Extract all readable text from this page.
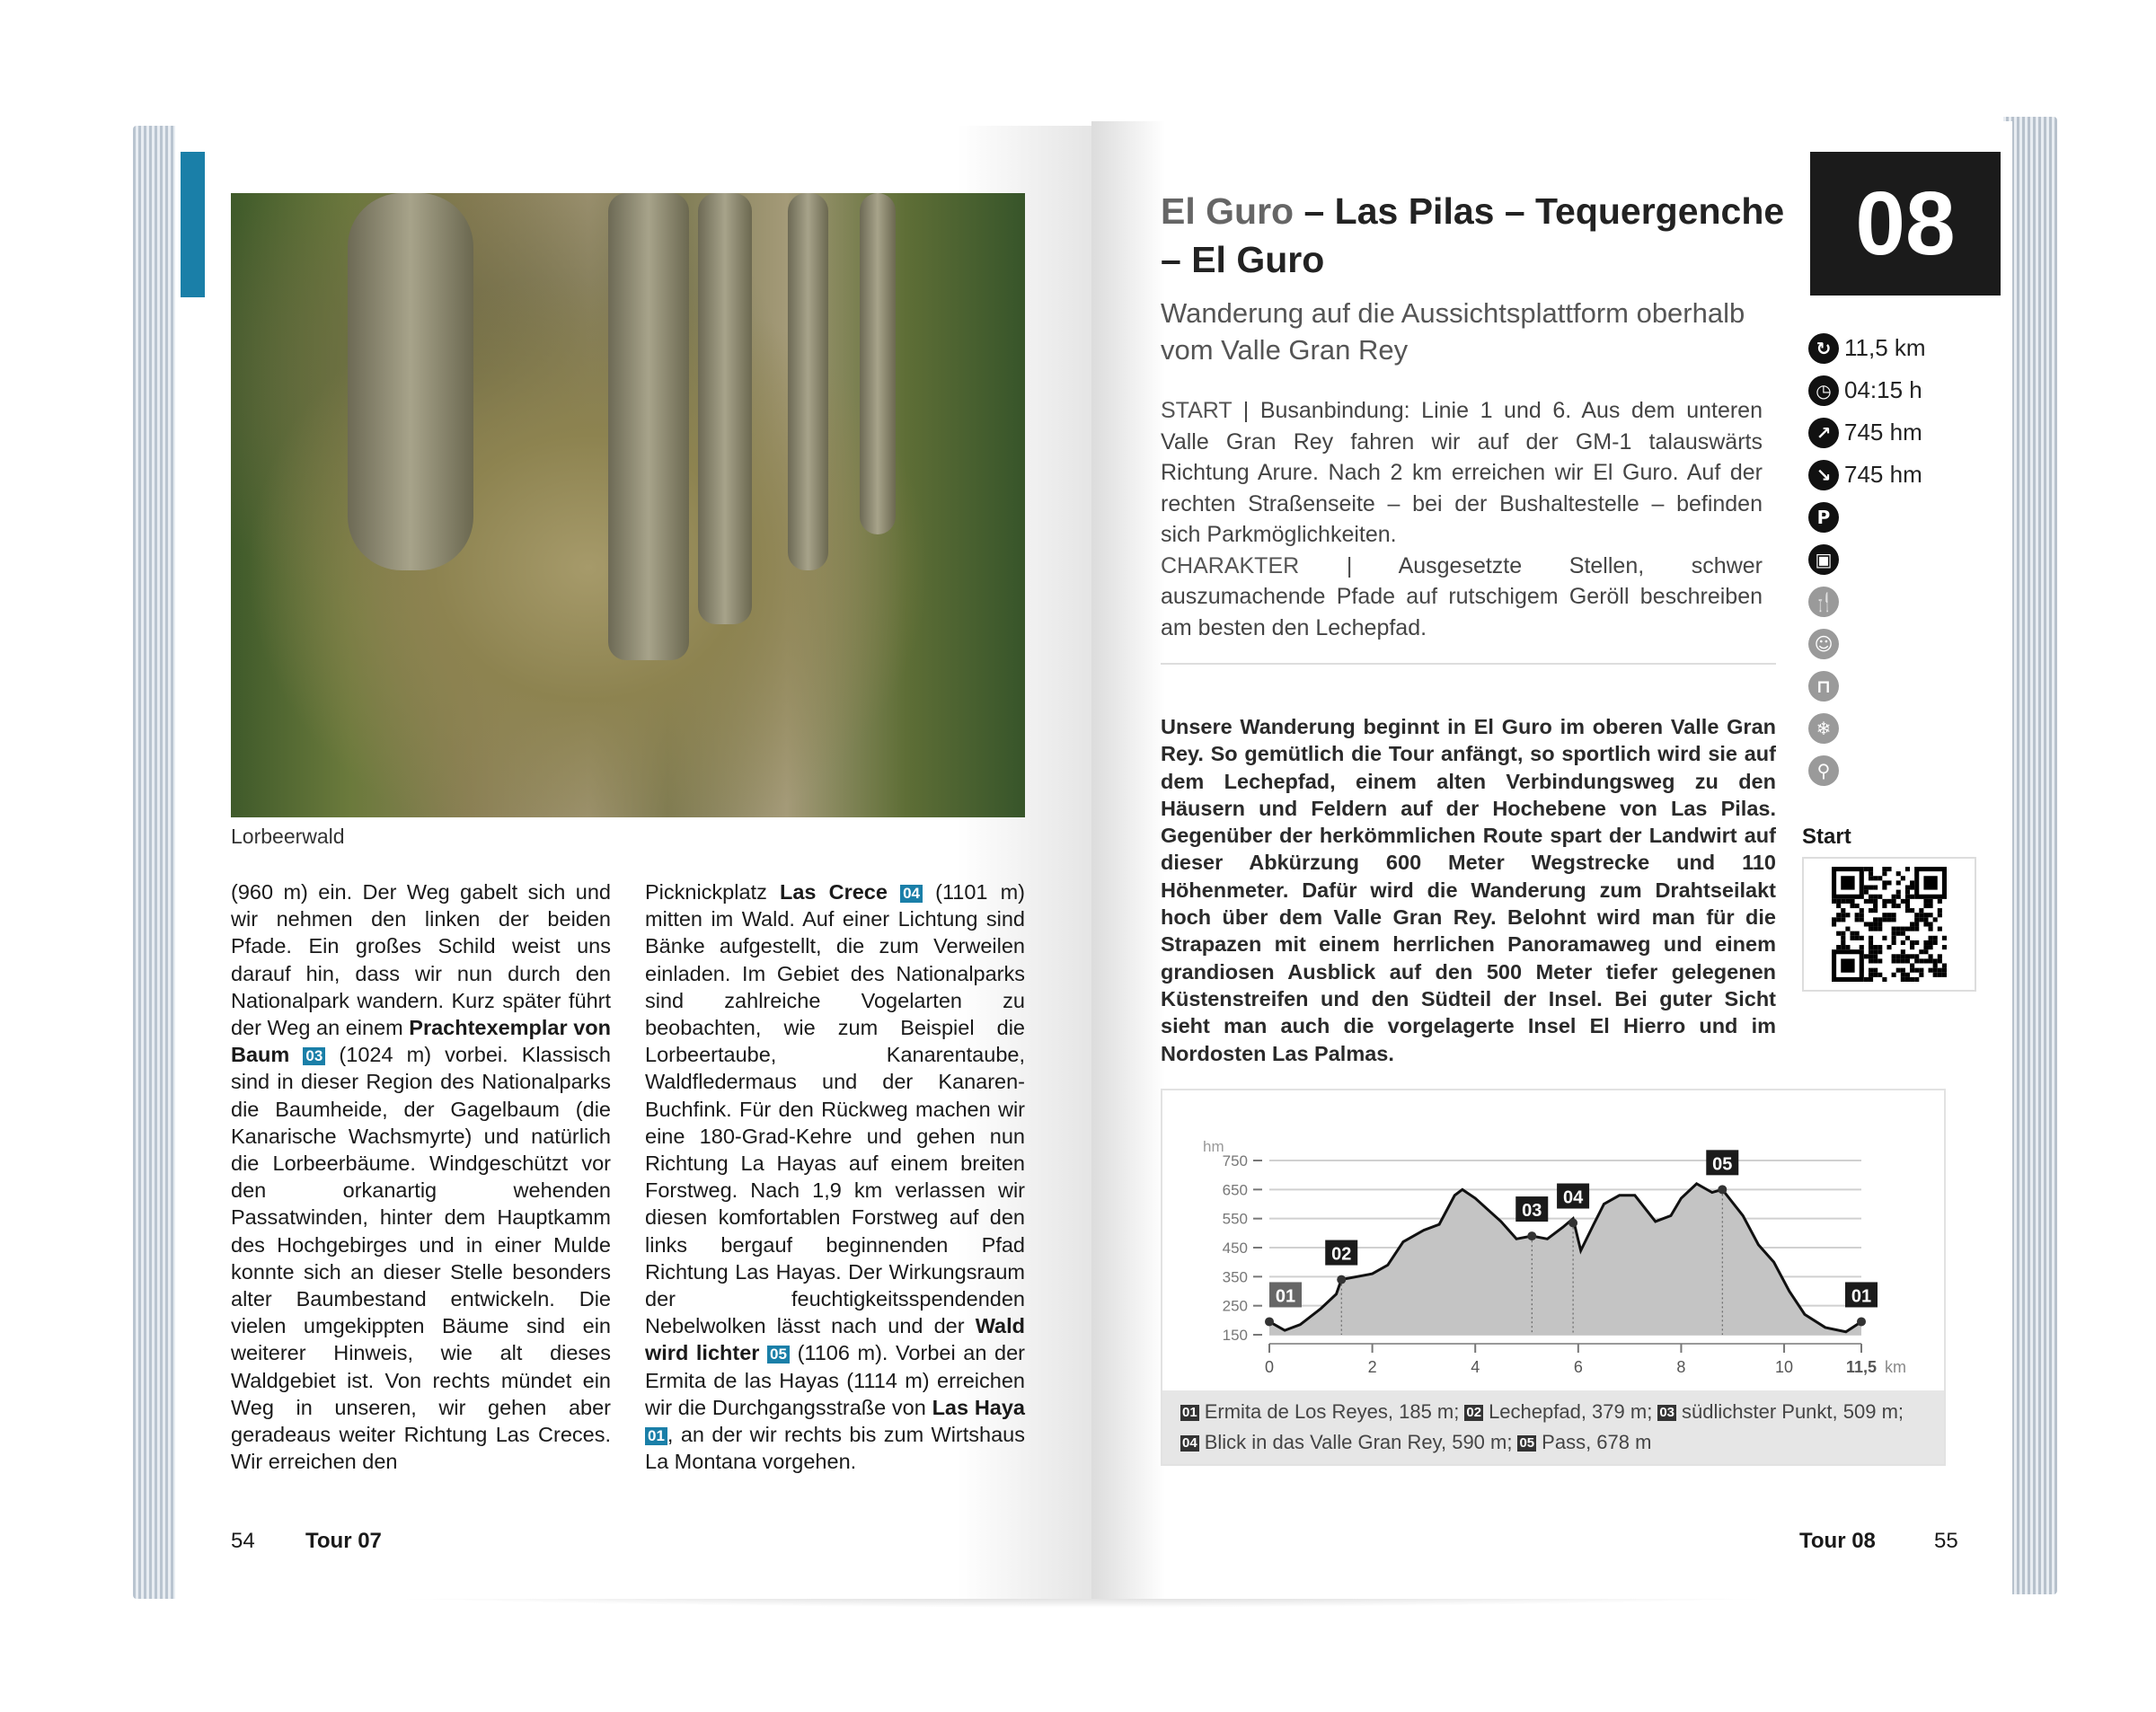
Lorbeerwald
(960 m) ein. Der Weg gabelt sich und wir nehmen den linken der beiden Pfade. Ein großes Schild weist uns darauf hin, dass wir nun durch den Nationalpark wandern. Kurz später führt der Weg an einem Prachtexemplar von Baum 03 (1024 m) vorbei. Klassisch sind in dieser Region des Nationalparks die Baumheide, der Gagelbaum (die Kanarische Wachsmyrte) und natürlich die Lorbeerbäume. Windgeschützt vor den orkanartig wehenden Passatwinden, hinter dem Hauptkamm des Hochgebirges und in einer Mulde konnte sich an dieser Stelle besonders alter Baumbestand entwickeln. Die vielen umgekippten Bäume sind ein weiterer Hinweis, wie alt dieses Waldgebiet ist. Von rechts mündet ein Weg in unseren, wir gehen aber geradeaus weiter Richtung Las Creces. Wir erreichen den
Picknickplatz Las Crece 04 (1101 m) mitten im Wald. Auf einer Lichtung sind Bänke aufgestellt, die zum Verweilen einladen. Im Gebiet des Nationalparks sind zahlreiche Vogelarten zu beobachten, wie zum Beispiel die Lorbeertaube, Kanarentaube, Waldfledermaus und der Kanaren-Buchfink. Für den Rückweg machen wir eine 180-Grad-Kehre und gehen nun Richtung La Hayas auf einem breiten Forstweg. Nach 1,9 km verlassen wir diesen komfortablen Forstweg auf den links bergauf beginnenden Pfad Richtung Las Hayas. Der Wirkungsraum der feuchtigkeitsspendenden Nebelwolken lässt nach und der Wald wird lichter 05 (1106 m). Vorbei an der Ermita de las Hayas (1114 m) erreichen wir die Durchgangsstraße von Las Haya 01 , an der wir rechts bis zum Wirtshaus La Montana vorgehen.
54 Tour 07
El Guro – Las Pilas – Tequergenche – El Guro
Wanderung auf die Aussichtsplattform oberhalb vom Valle Gran Rey
08
↻ 11,5 km
◷ 04:15 h
↗ 745 hm
↘ 745 hm
P
▣
🍴
☺
⊓
❄
⚲
START | Busanbindung: Linie 1 und 6. Aus dem unteren Valle Gran Rey fahren wir auf der GM-1 talauswärts Richtung Arure. Nach 2 km erreichen wir El Guro. Auf der rechten Straßenseite – bei der Bushaltestelle – befinden sich Parkmöglichkeiten.
CHARAKTER | Ausgesetzte Stellen, schwer auszumachende Pfade auf rutschigem Geröll beschreiben am besten den Lechepfad.
Unsere Wanderung beginnt in El Guro im oberen Valle Gran Rey. So gemütlich die Tour anfängt, so sportlich wird sie auf dem Lechepfad, einem alten Verbindungsweg zu den Häusern und Feldern auf der Hochebene von Las Pilas. Gegenüber der herkömmlichen Route spart der Landwirt auf dieser Abkürzung 600 Meter Wegstrecke und 110 Höhenmeter. Dafür wird die Wanderung zum Drahtseilakt hoch über dem Valle Gran Rey. Belohnt wird man für die Strapazen mit einem herrlichen Panoramaweg und einem grandiosen Ausblick auf den 500 Meter tiefer gelegenen Küstenstreifen und den Südteil der Insel. Bei guter Sicht sieht man auch die vorgelagerte Insel El Hierro und im Nordosten Las Palmas.
Start
hm
750
650
550
450
350
250
150
0	2	4	6	8	10	11,5 km
01
02
03
04
05
01
01 Ermita de Los Reyes, 185 m; 02 Lechepfad, 379 m; 03 südlichster Punkt, 509 m;
04 Blick in das Valle Gran Rey, 590 m; 05 Pass, 678 m
Tour 08	55
